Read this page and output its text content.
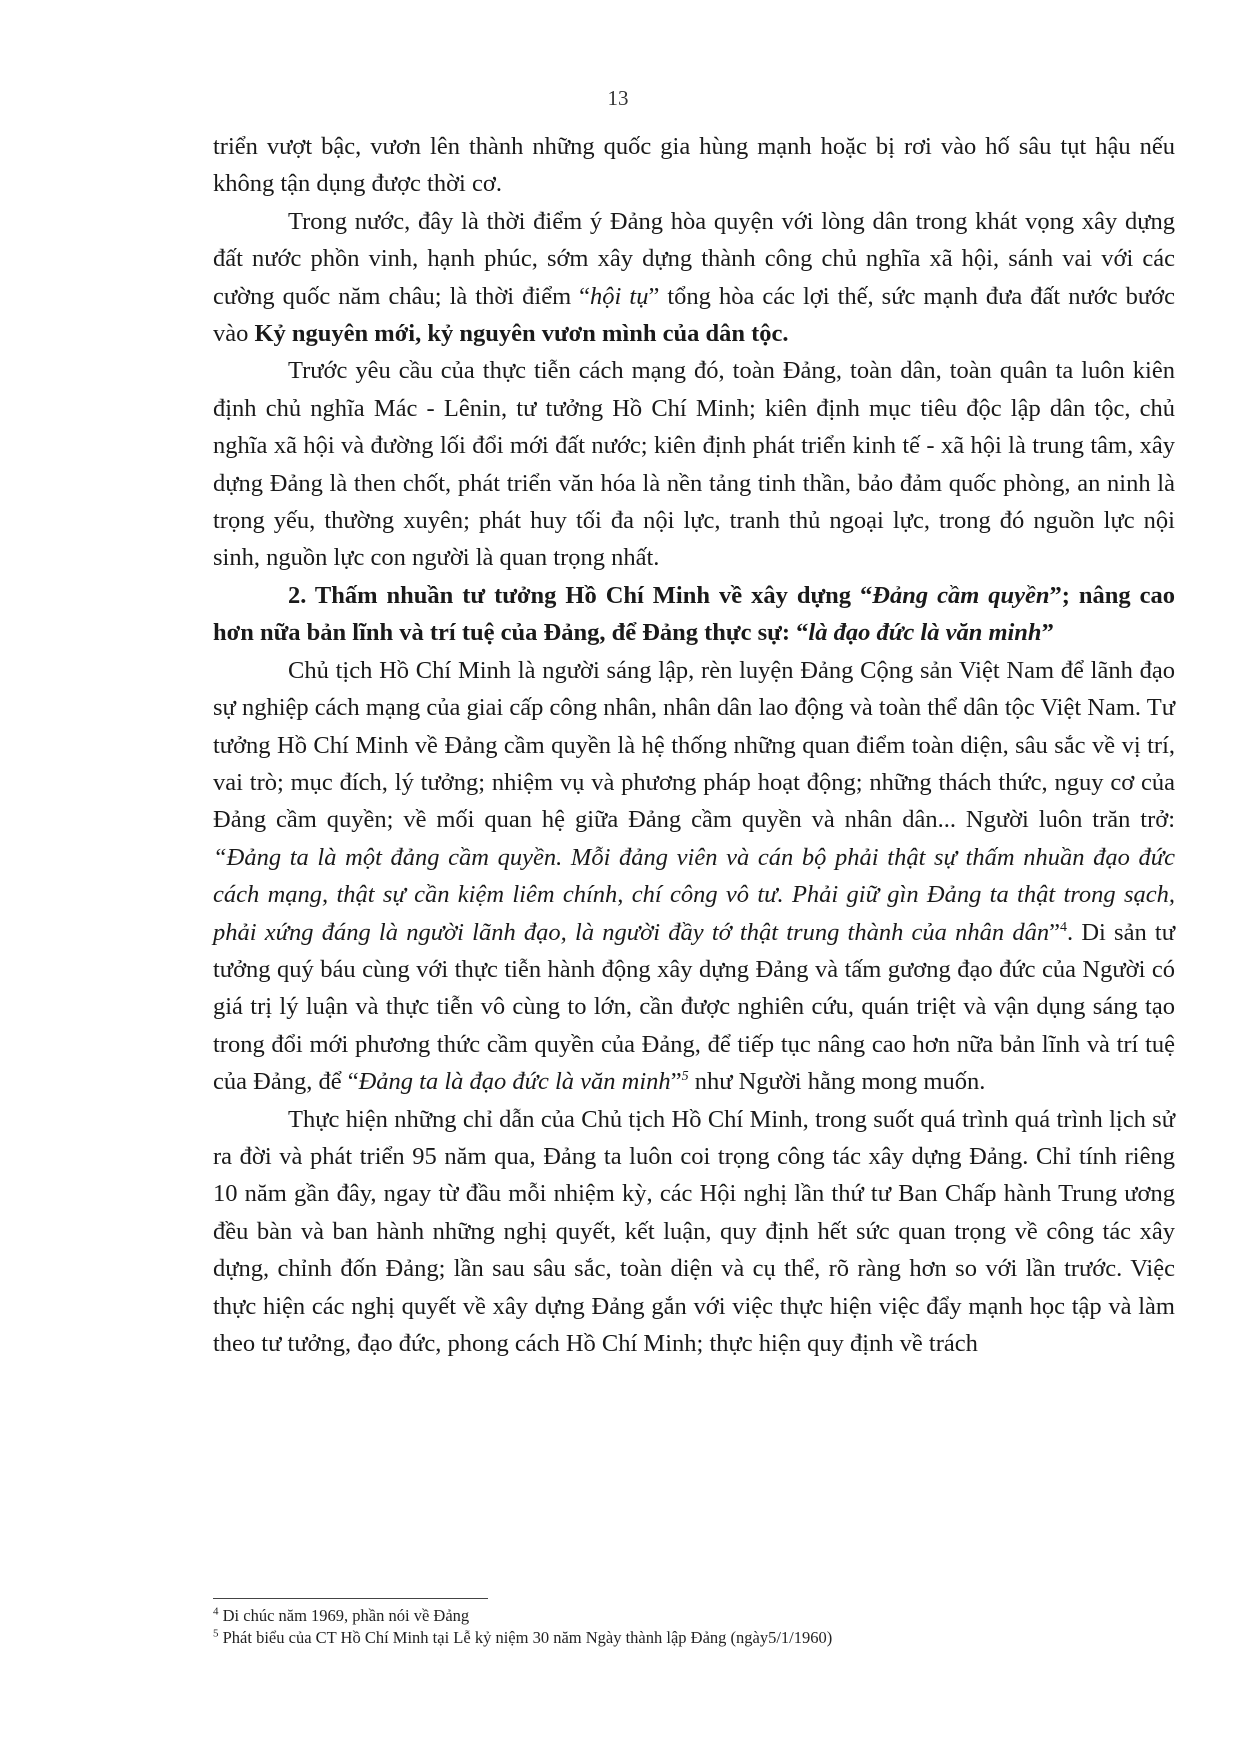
13

triển vượt bậc, vươn lên thành những quốc gia hùng mạnh hoặc bị rơi vào hố sâu tụt hậu nếu không tận dụng được thời cơ.

Trong nước, đây là thời điểm ý Đảng hòa quyện với lòng dân trong khát vọng xây dựng đất nước phồn vinh, hạnh phúc, sớm xây dựng thành công chủ nghĩa xã hội, sánh vai với các cường quốc năm châu; là thời điểm “hội tụ” tổng hòa các lợi thế, sức mạnh đưa đất nước bước vào Kỷ nguyên mới, kỷ nguyên vươn mình của dân tộc.

Trước yêu cầu của thực tiễn cách mạng đó, toàn Đảng, toàn dân, toàn quân ta luôn kiên định chủ nghĩa Mác - Lênin, tư tưởng Hồ Chí Minh; kiên định mục tiêu độc lập dân tộc, chủ nghĩa xã hội và đường lối đổi mới đất nước; kiên định phát triển kinh tế - xã hội là trung tâm, xây dựng Đảng là then chốt, phát triển văn hóa là nền tảng tinh thần, bảo đảm quốc phòng, an ninh là trọng yếu, thường xuyên; phát huy tối đa nội lực, tranh thủ ngoại lực, trong đó nguồn lực nội sinh, nguồn lực con người là quan trọng nhất.

2. Thấm nhuần tư tưởng Hồ Chí Minh về xây dựng “Đảng cầm quyền”; nâng cao hơn nữa bản lĩnh và trí tuệ của Đảng, để Đảng thực sự: “là đạo đức là văn minh”

Chủ tịch Hồ Chí Minh là người sáng lập, rèn luyện Đảng Cộng sản Việt Nam để lãnh đạo sự nghiệp cách mạng của giai cấp công nhân, nhân dân lao động và toàn thể dân tộc Việt Nam. Tư tưởng Hồ Chí Minh về Đảng cầm quyền là hệ thống những quan điểm toàn diện, sâu sắc về vị trí, vai trò; mục đích, lý tưởng; nhiệm vụ và phương pháp hoạt động; những thách thức, nguy cơ của Đảng cầm quyền; về mối quan hệ giữa Đảng cầm quyền và nhân dân... Người luôn trăn trở: “Đảng ta là một đảng cầm quyền. Mỗi đảng viên và cán bộ phải thật sự thấm nhuần đạo đức cách mạng, thật sự cần kiệm liêm chính, chí công vô tư. Phải giữ gìn Đảng ta thật trong sạch, phải xứng đáng là người lãnh đạo, là người đầy tớ thật trung thành của nhân dân”$^4$. Di sản tư tưởng quý báu cùng với thực tiễn hành động xây dựng Đảng và tấm gương đạo đức của Người có giá trị lý luận và thực tiễn vô cùng to lớn, cần được nghiên cứu, quán triệt và vận dụng sáng tạo trong đổi mới phương thức cầm quyền của Đảng, để tiếp tục nâng cao hơn nữa bản lĩnh và trí tuệ của Đảng, để “Đảng ta là đạo đức là văn minh”$^5$ như Người hằng mong muốn.

Thực hiện những chỉ dẫn của Chủ tịch Hồ Chí Minh, trong suốt quá trình quá trình lịch sử ra đời và phát triển 95 năm qua, Đảng ta luôn coi trọng công tác xây dựng Đảng. Chỉ tính riêng 10 năm gần đây, ngay từ đầu mỗi nhiệm kỳ, các Hội nghị lần thứ tư Ban Chấp hành Trung ương đều bàn và ban hành những nghị quyết, kết luận, quy định hết sức quan trọng về công tác xây dựng, chỉnh đốn Đảng; lần sau sâu sắc, toàn diện và cụ thể, rõ ràng hơn so với lần trước. Việc thực hiện các nghị quyết về xây dựng Đảng gắn với việc thực hiện việc đẩy mạnh học tập và làm theo tư tưởng, đạo đức, phong cách Hồ Chí Minh; thực hiện quy định về trách

$^4$ Di chúc năm 1969, phần nói về Đảng
$^5$ Phát biểu của CT Hồ Chí Minh tại Lễ kỷ niệm 30 năm Ngày thành lập Đảng (ngày5/1/1960)
